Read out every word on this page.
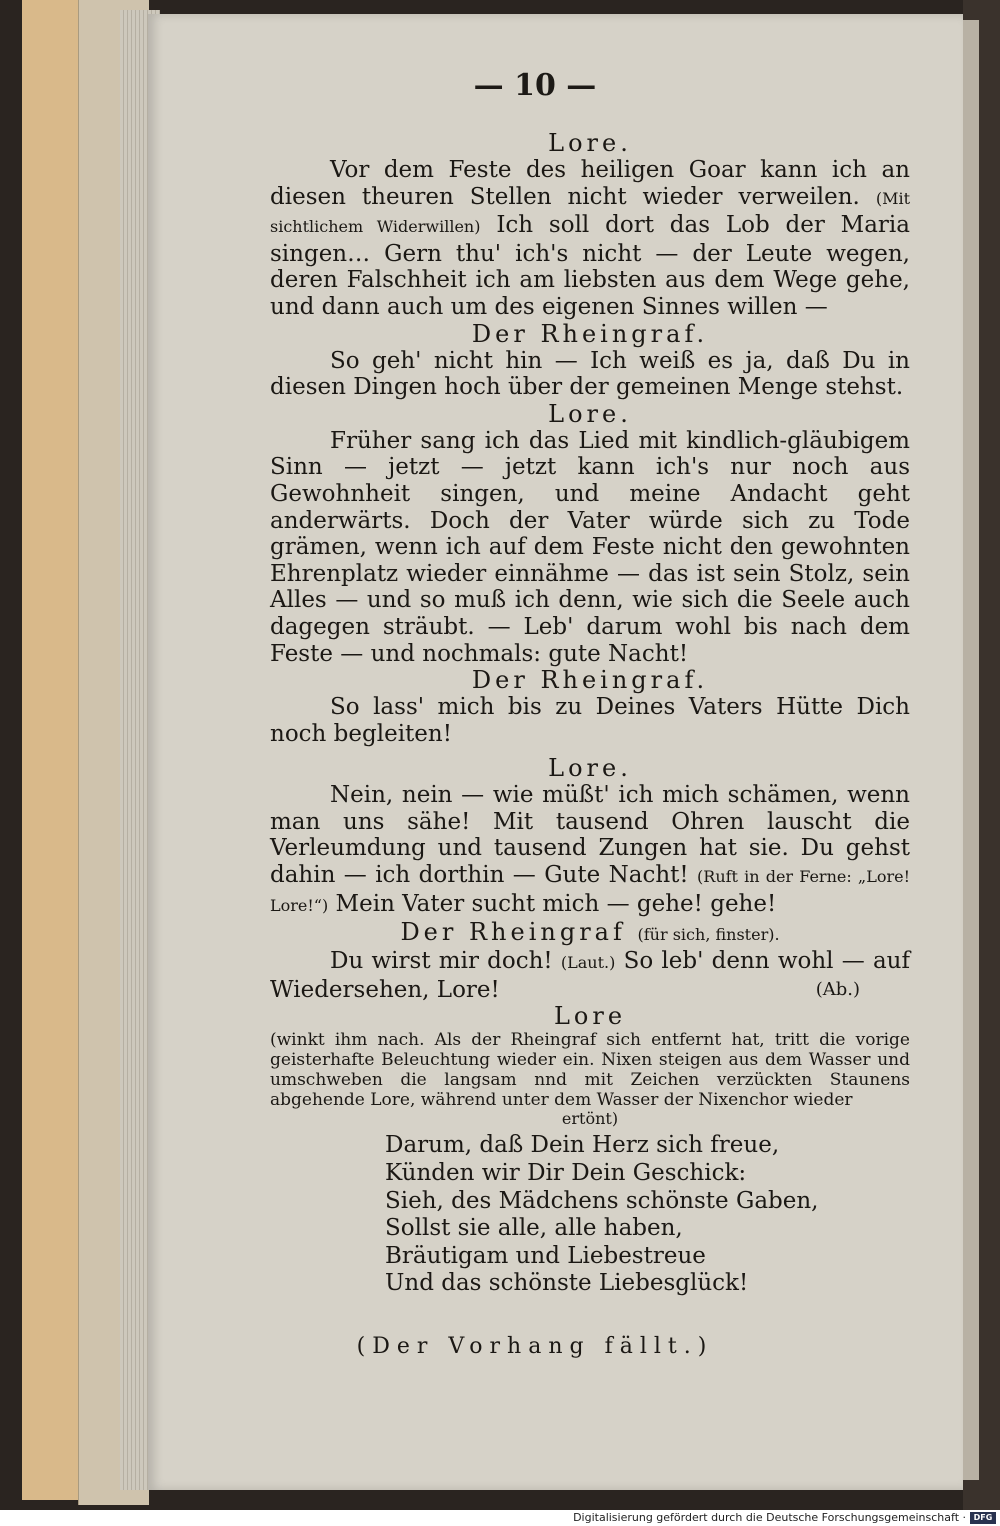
— 10 —
Lore.
Vor dem Feste des heiligen Goar kann ich an diesen theuren Stellen nicht wieder verweilen. (Mit sichtlichem Widerwillen) Ich soll dort das Lob der Maria singen… Gern thu' ich's nicht — der Leute wegen, deren Falschheit ich am liebsten aus dem Wege gehe, und dann auch um des eigenen Sinnes willen —
Der Rheingraf.
So geh' nicht hin — Ich weiß es ja, daß Du in diesen Dingen hoch über der gemeinen Menge stehst.
Lore.
Früher sang ich das Lied mit kindlich-gläubigem Sinn — jetzt — jetzt kann ich's nur noch aus Gewohnheit singen, und meine Andacht geht anderwärts. Doch der Vater würde sich zu Tode grämen, wenn ich auf dem Feste nicht den gewohnten Ehrenplatz wieder einnähme — das ist sein Stolz, sein Alles — und so muß ich denn, wie sich die Seele auch dagegen sträubt. — Leb' darum wohl bis nach dem Feste — und nochmals: gute Nacht!
Der Rheingraf.
So lass' mich bis zu Deines Vaters Hütte Dich noch begleiten!
Lore.
Nein, nein — wie müßt' ich mich schämen, wenn man uns sähe! Mit tausend Ohren lauscht die Verleumdung und tausend Zungen hat sie. Du gehst dahin — ich dorthin — Gute Nacht! (Ruft in der Ferne: „Lore! Lore!“) Mein Vater sucht mich — gehe! gehe!
Der Rheingraf (für sich, finster).
Du wirst mir doch! (Laut.) So leb' denn wohl — auf Wiedersehen, Lore!	(Ab.)
Lore
(winkt ihm nach. Als der Rheingraf sich entfernt hat, tritt die vorige geisterhafte Beleuchtung wieder ein. Nixen steigen aus dem Wasser und umschweben die langsam nnd mit Zeichen verzückten Staunens abgehende Lore, während unter dem Wasser der Nixenchor wieder
ertönt)
Darum, daß Dein Herz sich freue,
Künden wir Dir Dein Geschick:
Sieh, des Mädchens schönste Gaben,
Sollst sie alle, alle haben,
Bräutigam und Liebestreue
Und das schönste Liebesglück!
(Der Vorhang fällt.)
Digitalisierung gefördert durch die Deutsche Forschungsgemeinschaft · DFG
